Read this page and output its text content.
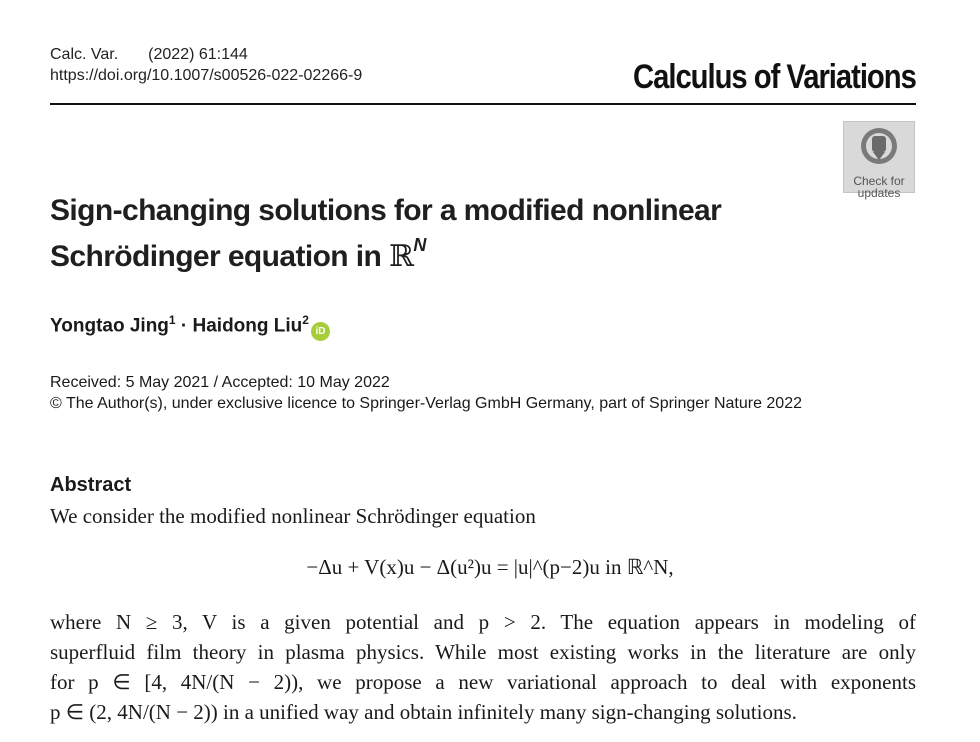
Calc. Var. (2022) 61:144
https://doi.org/10.1007/s00526-022-02266-9	Calculus of Variations
Check for
updates
Sign-changing solutions for a modified nonlinear
Schrödinger equation in ℝ$^N$
Yongtao Jing$^1$ · Haidong Liu$^2$iD
Received: 5 May 2021 / Accepted: 10 May 2022
© The Author(s), under exclusive licence to Springer-Verlag GmbH Germany, part of Springer Nature 2022
Abstract
We consider the modified nonlinear Schrödinger equation
−Δu + V(x)u − Δ(u²)u = |u|^(p−2)u in ℝ^N,
where N ≥ 3, V is a given potential and p > 2. The equation appears in modeling of
superfluid film theory in plasma physics. While most existing works in the literature are only
for p ∈ [4, 4N/(N − 2)), we propose a new variational approach to deal with exponents
p ∈ (2, 4N/(N − 2)) in a unified way and obtain infinitely many sign-changing solutions.
